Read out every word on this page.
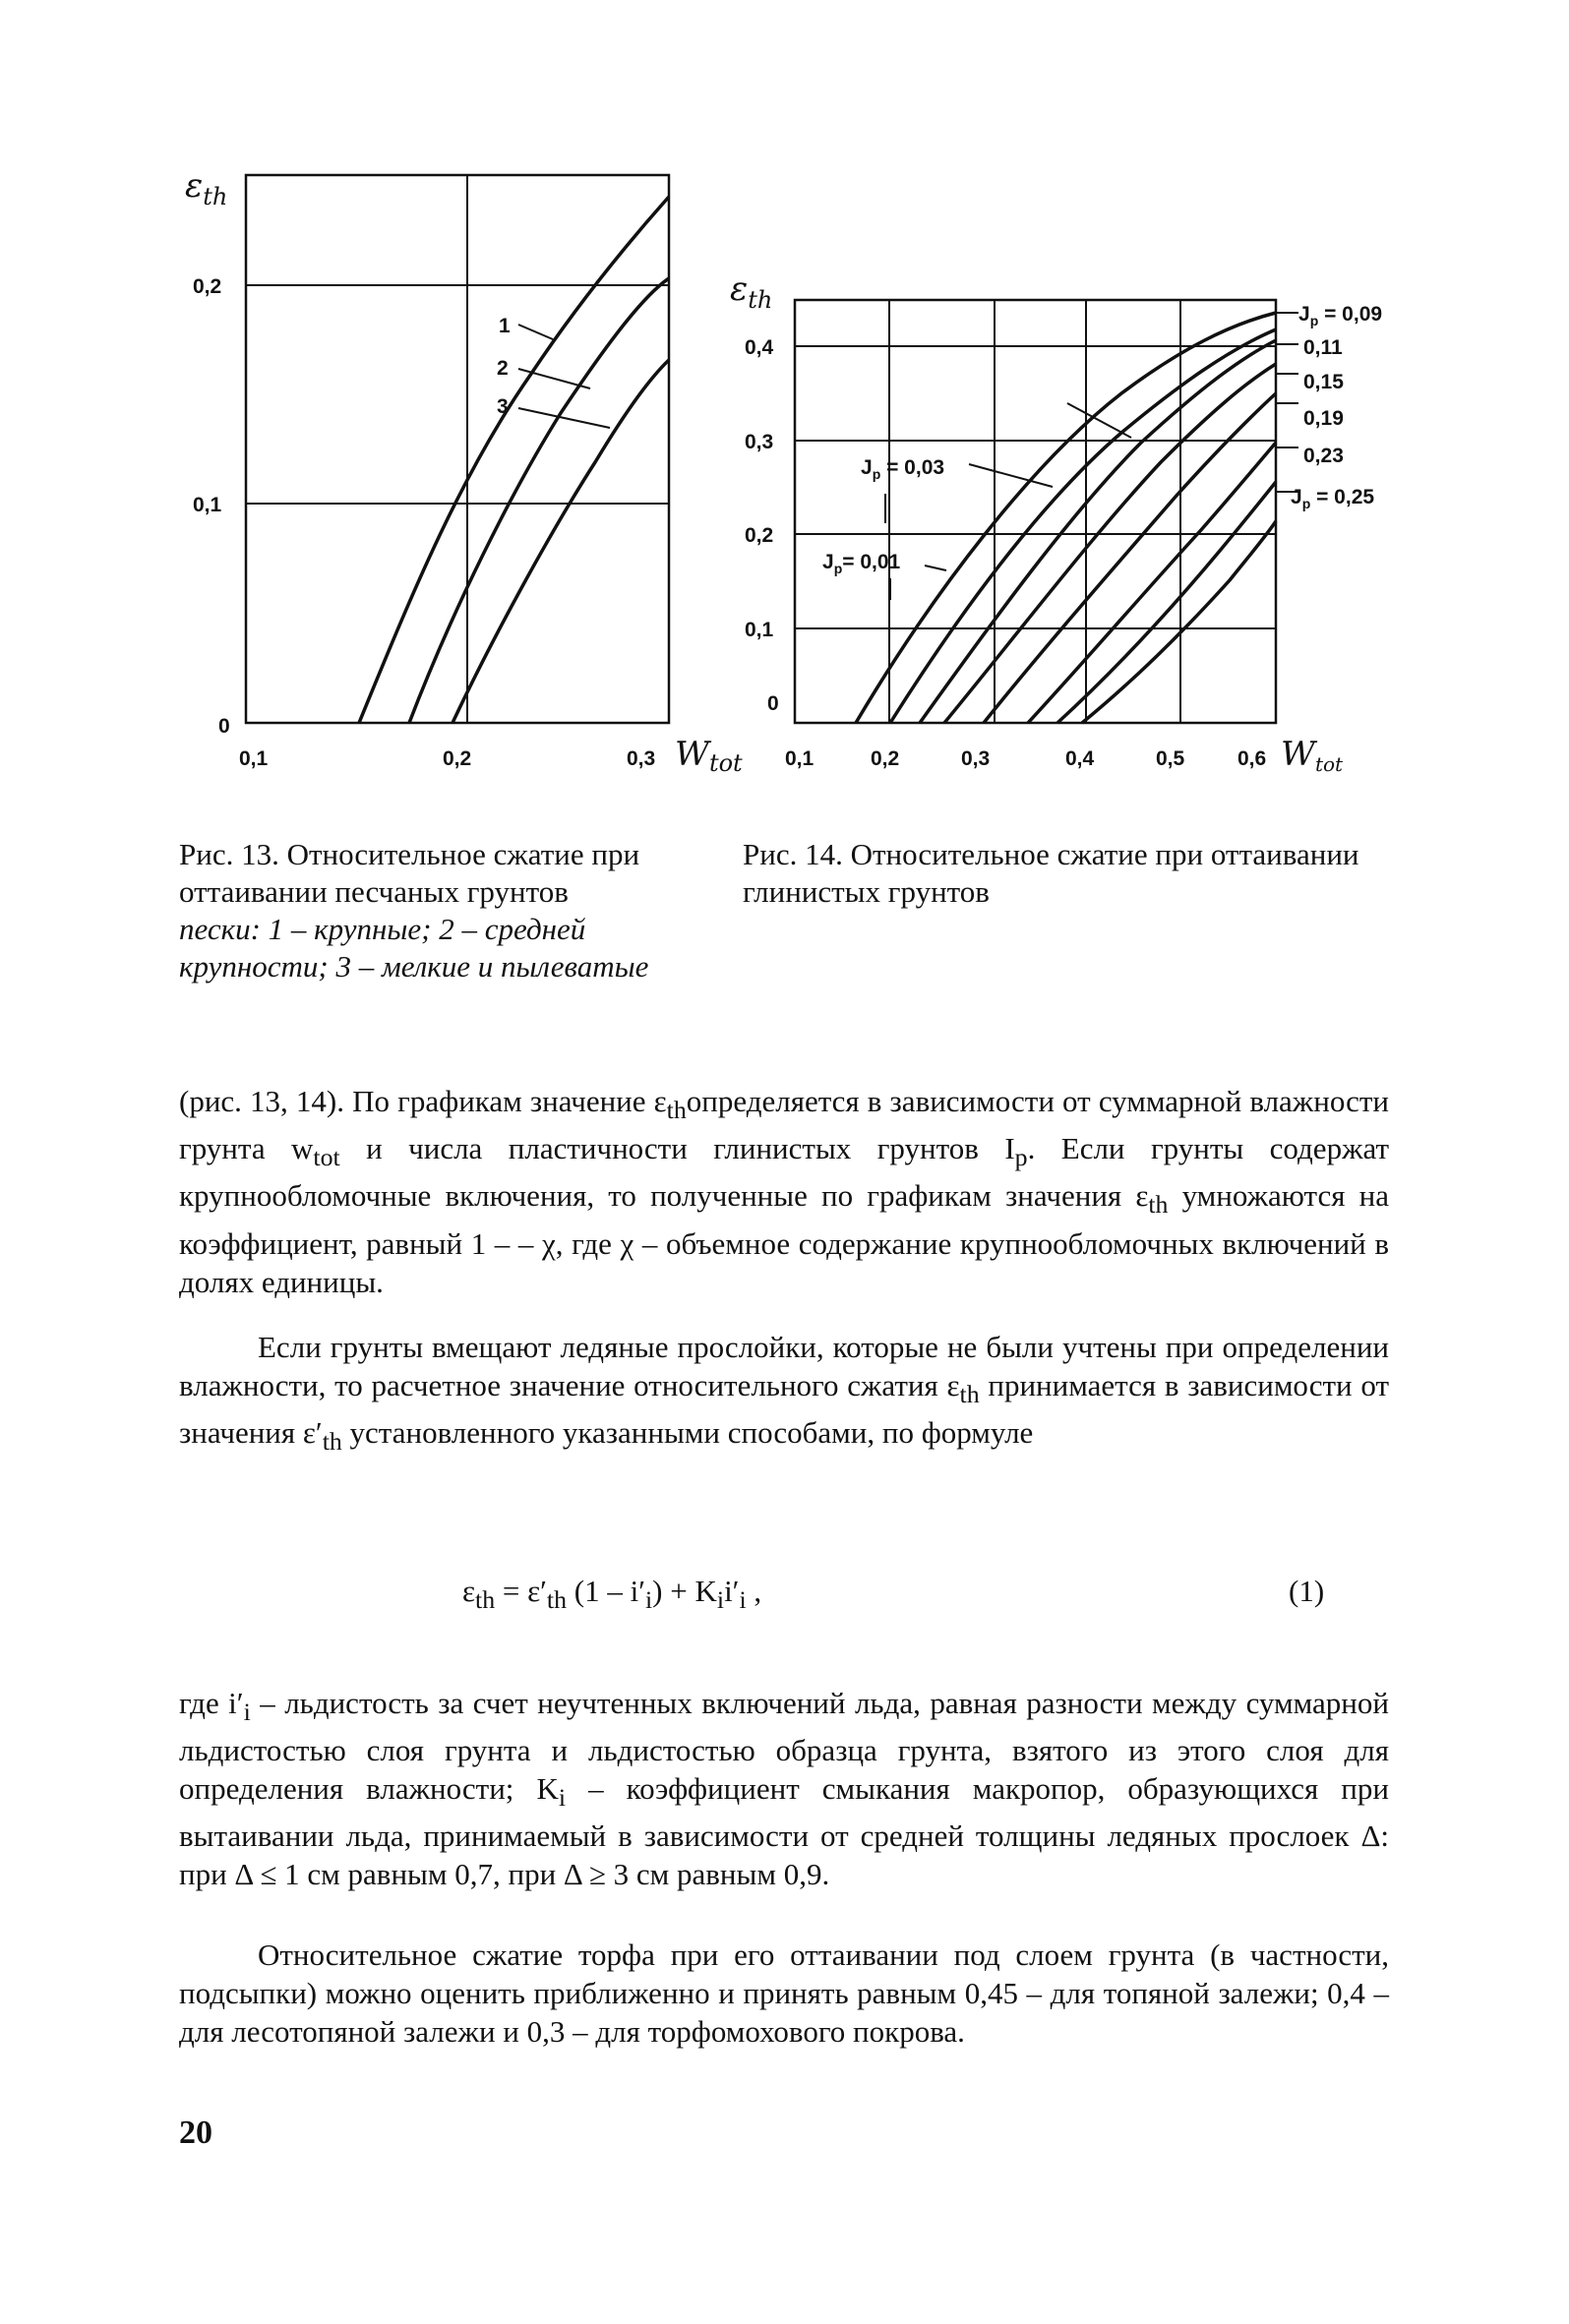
1
2
3
$\varepsilon_{th}$
0,2
0,1
0
0,1	0,2	0,3 Wtot
$J_p = 0,09$
0,11
0,15
0,19
0,23
$J_p = 0,25$
$J_p = 0,03$
$J_p= 0,01$
$\varepsilon_{th}$
0,4
0,3
0,2
0,1
0
0,1	0,2	0,3	0,4	0,5	0,6 Wtot
Рис. 13. Относительное сжатие при оттаивании песчаных грунтов
пески: 1 – крупные; 2 – средней крупности; 3 – мелкие и пылеватые
Рис. 14. Относительное сжатие при оттаивании глинистых грунтов

(рис. 13, 14). По графикам значение $\varepsilon_{th}определяется$ в зависимости от суммарной влажности грунта $w_{tot}$ и числа пластичности глинистых грунтов $I_p$. Если грунты содержат крупнообломочные включения, то полученные по графикам значения $\varepsilon_{th}$ умножаются на коэффициент, равный 1 – – χ, где χ – объемное содержание крупнообломочных включений в долях единицы.

Если грунты вмещают ледяные прослойки, которые не были учтены при определении влажности, то расчетное значение относительного сжатия $\varepsilon_{th}$ принимается в зависимости от значения $\varepsilon'_{th}$ установленного указанными способами, по формуле

$\varepsilon_{th} = \varepsilon'_{th}$ $(1 - i'_i) + K_ii'_i$ ,	(1)

где $i'_i$ – льдистость за счет неучтенных включений льда, равная разности между суммарной льдистостью слоя грунта и льдистостью образца грунта, взятого из этого слоя для определения влажности; $K_i$ – коэффициент смыкания макропор, образующихся при вытаивании льда, принимаемый в зависимости от средней толщины ледяных прослоек Δ: при Δ ≤ 1 см равным 0,7, при Δ ≥ 3 см равным 0,9.

Относительное сжатие торфа при его оттаивании под слоем грунта (в частности, подсыпки) можно оценить приближенно и принять равным 0,45 – для топяной залежи; 0,4 – для лесотопяной залежи и 0,3 – для торфомохового покрова.

20
